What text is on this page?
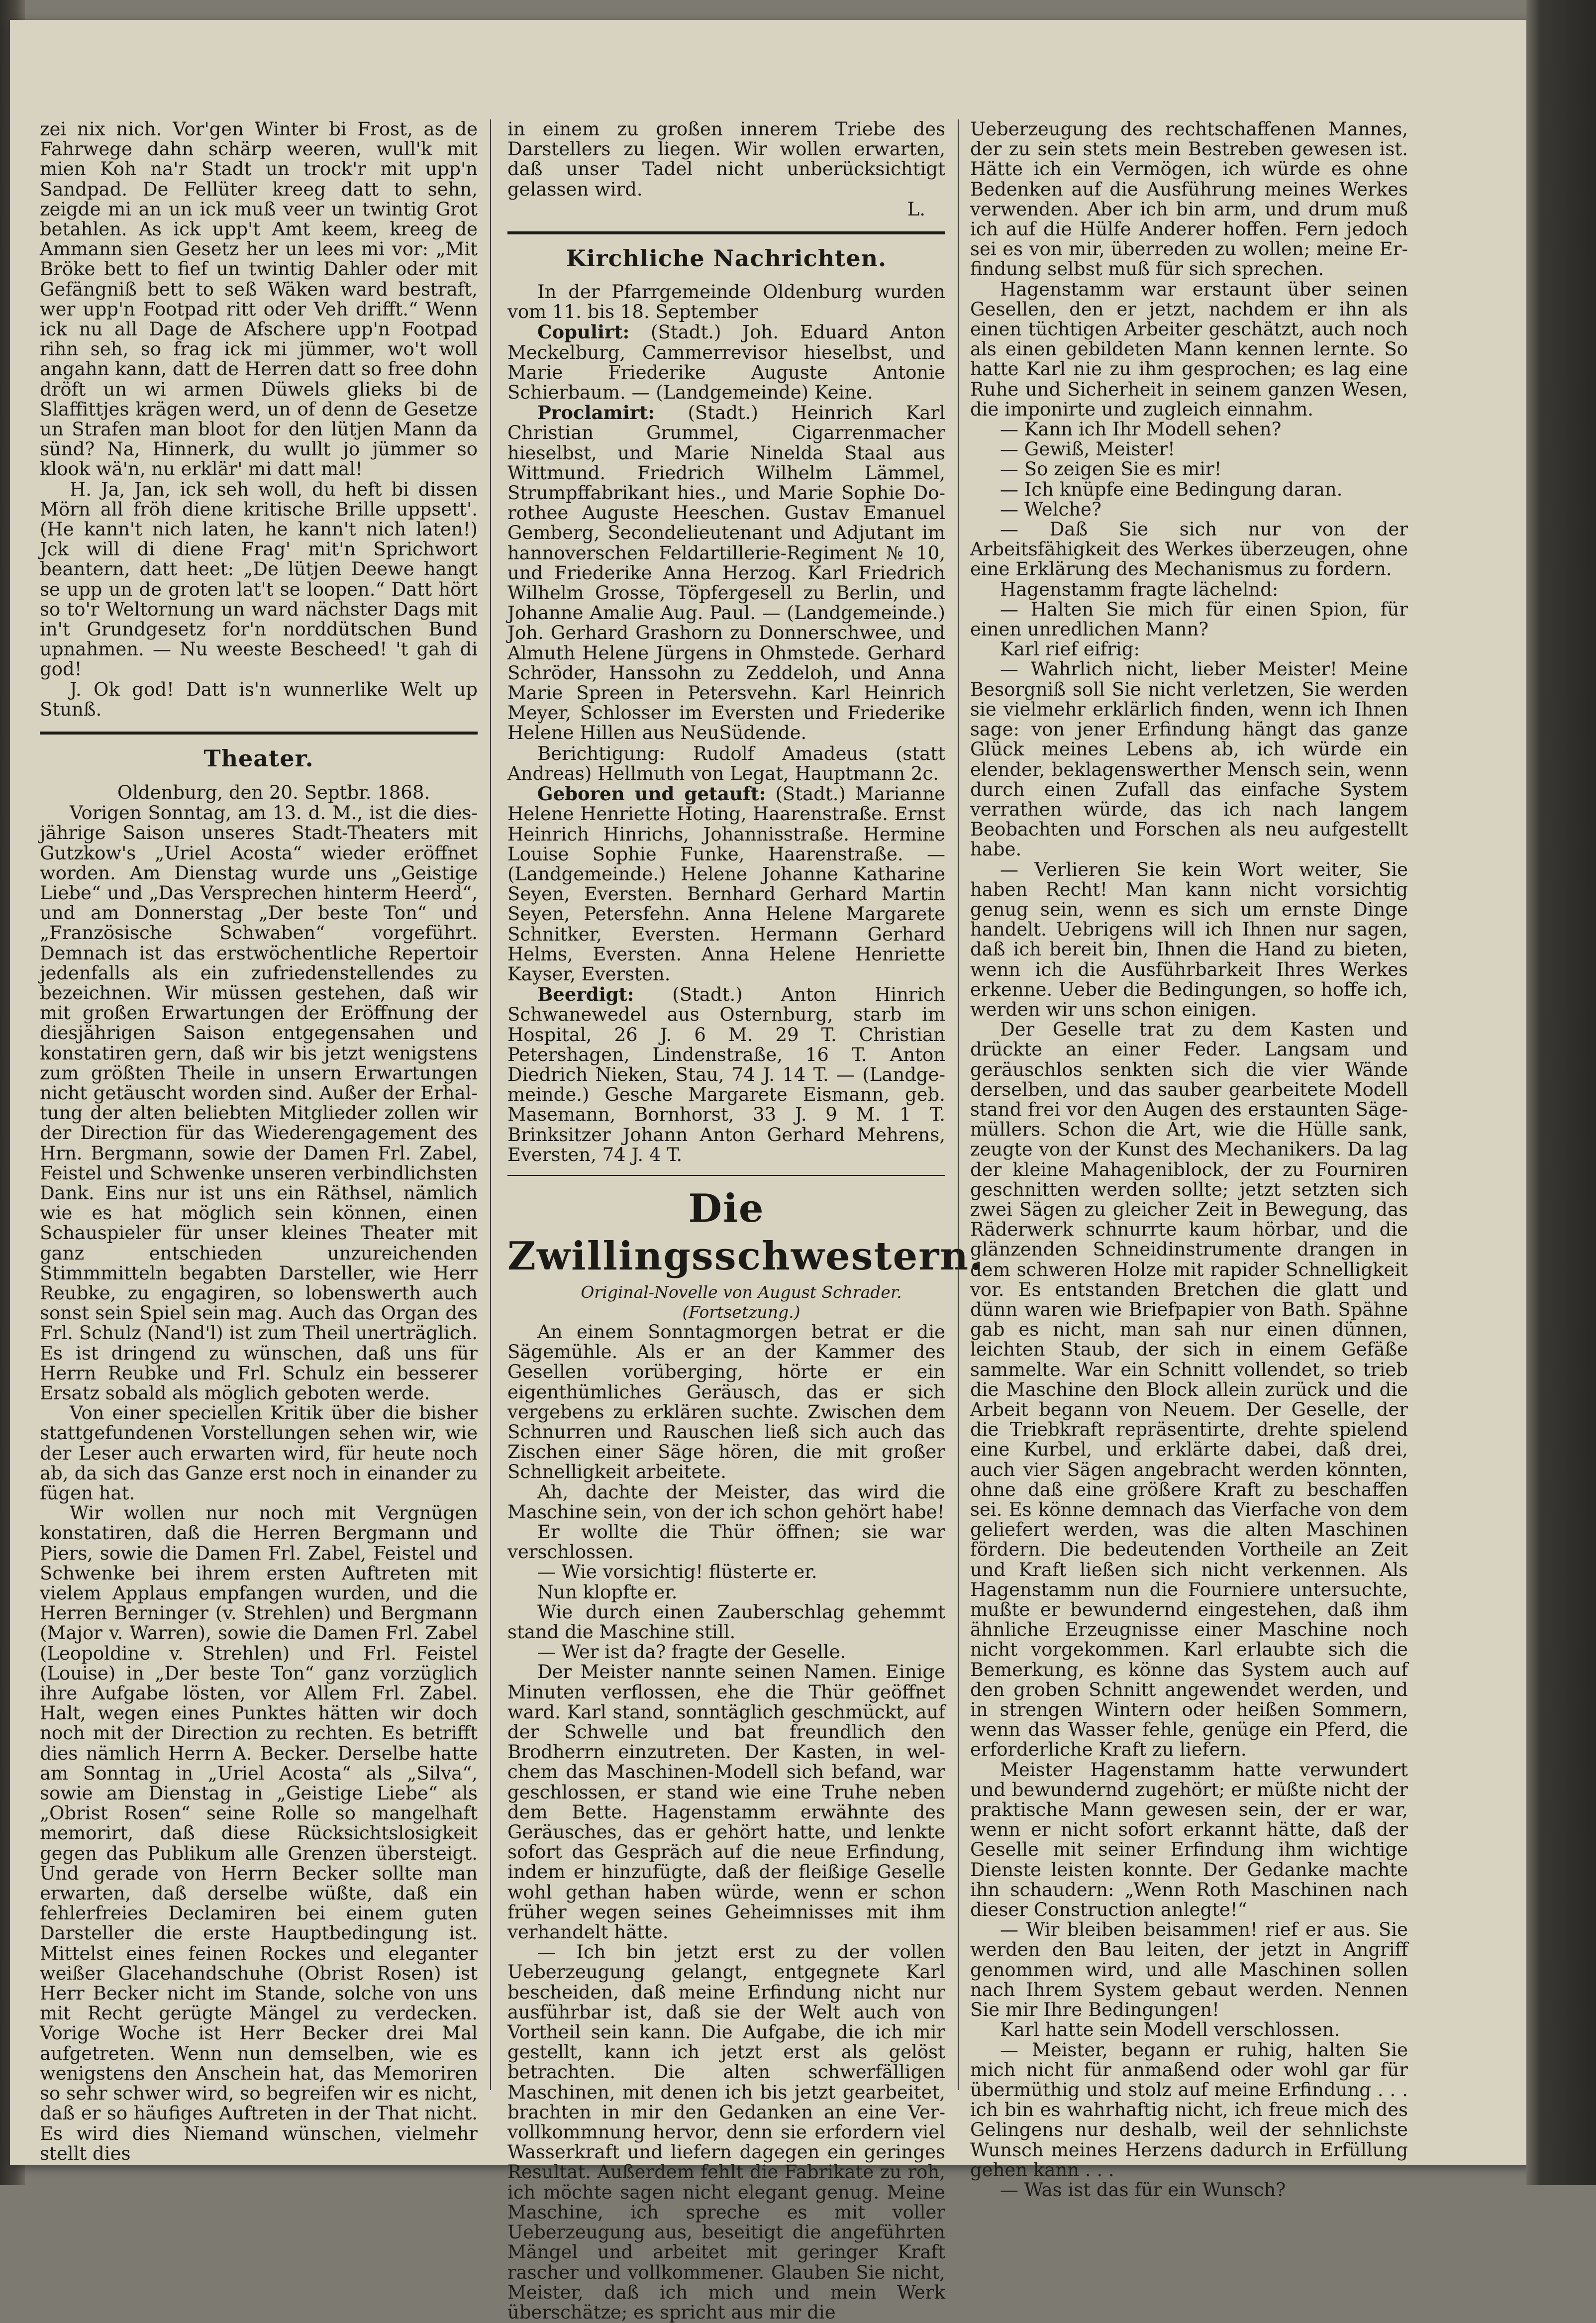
zei nix nich. Vor'gen Winter bi Frost, as de Fahrwege dahn schärp weeren, wull'k mit mien Koh na'r Stadt un trock'r mit upp'n Sandpad. De Fellüter kreeg datt to sehn, zeigde mi an un ick muß veer un twintig Grot betahlen. As ick upp't Amt keem, kreeg de Ammann sien Gesetz her un lees mi vor: „Mit Bröke bett to fief un twintig Dahler oder mit Gefängniß bett to seß Wäken ward bestraft, wer upp'n Footpad ritt oder Veh drifft.“ Wenn ick nu all Dage de Afschere upp'n Footpad rihn seh, so frag ick mi jümmer, wo't woll angahn kann, datt de Herren datt so free dohn dröft un wi armen Düwels glieks bi de Slaffittjes krägen werd, un of denn de Gesetze un Strafen man bloot for den lütjen Mann da sünd? Na, Hinnerk, du wullt jo jümmer so klook wä'n, nu erklär' mi datt mal!

H. Ja, Jan, ick seh woll, du heft bi dissen Mörn all fröh diene kritische Brille uppsett'. (He kann't nich laten, he kann't nich laten!) Jck will di diene Frag' mit'n Sprichwort beantern, datt heet: „De lütjen Deewe hangt se upp un de groten lat't se loopen.“ Datt hört so to'r Weltornung un ward nächster Dags mit in't Grundgesetz for'n norddütschen Bund upnahmen. — Nu weeste Bescheed! 't gah di god!

J. Ok god! Datt is'n wunnerlike Welt up Stunß.

Theater.

Oldenburg, den 20. Septbr. 1868.

Vorigen Sonntag, am 13. d. M., ist die diesjährige Saison unseres Stadt-Theaters mit Gutzkow's „Uriel Acosta“ wieder eröffnet worden. Am Dienstag wurde uns „Geistige Liebe“ und „Das Versprechen hinterm Heerd“, und am Donnerstag „Der beste Ton“ und „Französische Schwaben“ vorgeführt. Demnach ist das erstwöchentliche Repertoir jedenfalls als ein zufriedenstellendes zu bezeichnen. Wir müssen gestehen, daß wir mit großen Erwartungen der Eröffnung der diesjährigen Saison entgegensahen und konstatiren gern, daß wir bis jetzt wenigstens zum größten Theile in unsern Erwartungen nicht getäuscht worden sind. Außer der Erhaltung der alten beliebten Mitglieder zollen wir der Direction für das Wiederengagement des Hrn. Bergmann, sowie der Damen Frl. Zabel, Feistel und Schwenke unseren verbindlichsten Dank. Eins nur ist uns ein Räthsel, nämlich wie es hat möglich sein können, einen Schauspieler für unser kleines Theater mit ganz entschieden unzureichenden Stimmmitteln begabten Darsteller, wie Herr Reubke, zu engagiren, so lobenswerth auch sonst sein Spiel sein mag. Auch das Organ des Frl. Schulz (Nand'l) ist zum Theil unerträglich. Es ist dringend zu wünschen, daß uns für Herrn Reubke und Frl. Schulz ein besserer Ersatz sobald als möglich geboten werde.

Von einer speciellen Kritik über die bisher stattgefundenen Vorstellungen sehen wir, wie der Leser auch erwarten wird, für heute noch ab, da sich das Ganze erst noch in einander zu fügen hat.

Wir wollen nur noch mit Vergnügen konstatiren, daß die Herren Bergmann und Piers, sowie die Damen Frl. Zabel, Feistel und Schwenke bei ihrem ersten Auftreten mit vielem Applaus empfangen wurden, und die Herren Berninger (v. Strehlen) und Bergmann (Major v. Warren), sowie die Damen Frl. Zabel (Leopoldine v. Strehlen) und Frl. Feistel (Louise) in „Der beste Ton“ ganz vorzüglich ihre Aufgabe lösten, vor Allem Frl. Zabel. Halt, wegen eines Punktes hätten wir doch noch mit der Direction zu rechten. Es betrifft dies nämlich Herrn A. Becker. Derselbe hatte am Sonntag in „Uriel Acosta“ als „Silva“, sowie am Dienstag in „Geistige Liebe“ als „Obrist Rosen“ seine Rolle so mangelhaft memorirt, daß diese Rücksichtslosigkeit gegen das Publikum alle Grenzen übersteigt. Und gerade von Herrn Becker sollte man erwarten, daß derselbe wüßte, daß ein fehlerfreies Declamiren bei einem guten Darsteller die erste Hauptbedingung ist. Mittelst eines feinen Rockes und eleganter weißer Glacehandschuhe (Obrist Rosen) ist Herr Becker nicht im Stande, solche von uns mit Recht gerügte Mängel zu verdecken. Vorige Woche ist Herr Becker drei Mal aufgetreten. Wenn nun demselben, wie es wenigstens den Anschein hat, das Memoriren so sehr schwer wird, so begreifen wir es nicht, daß er so häufiges Auftreten in der That nicht. Es wird dies Niemand wünschen, vielmehr stellt dies

in einem zu großen innerem Triebe des Darstellers zu liegen. Wir wollen erwarten, daß unser Tadel nicht unberücksichtigt gelassen wird.

L.
Kirchliche Nachrichten.

In der Pfarrgemeinde Oldenburg wurden vom 11. bis 18. September

Copulirt: (Stadt.) Joh. Eduard Anton Meckelburg, Cammerrevisor hieselbst, und Marie Friederike Auguste Antonie Schierbaum. — (Landgemeinde) Keine.

Proclamirt: (Stadt.) Heinrich Karl Christian Grummel, Cigarrenmacher hieselbst, und Marie Ninelda Staal aus Wittmund. Friedrich Wilhelm Lämmel, Strumpffabrikant hies., und Marie Sophie Dorothee Auguste Heeschen. Gustav Emanuel Gemberg, Secondelieutenant und Adjutant im hannoverschen Feldartillerie-Regiment № 10, und Friederike Anna Herzog. Karl Friedrich Wilhelm Grosse, Töpfergesell zu Berlin, und Johanne Amalie Aug. Paul. — (Landgemeinde.) Joh. Gerhard Grashorn zu Donnerschwee, und Almuth Helene Jürgens in Ohmstede. Gerhard Schröder, Hanssohn zu Zeddeloh, und Anna Marie Spreen in Petersvehn. Karl Heinrich Meyer, Schlosser im Eversten und Friederike Helene Hillen aus NeuSüdende.

Berichtigung: Rudolf Amadeus (statt Andreas) Hellmuth von Legat, Hauptmann 2c.

Geboren und getauft: (Stadt.) Marianne Helene Henriette Hoting, Haarenstraße. Ernst Heinrich Hinrichs, Johannisstraße. Hermine Louise Sophie Funke, Haarenstraße. — (Landgemeinde.) Helene Johanne Katharine Seyen, Eversten. Bernhard Gerhard Martin Seyen, Petersfehn. Anna Helene Margarete Schnitker, Eversten. Hermann Gerhard Helms, Eversten. Anna Helene Henriette Kayser, Eversten.

Beerdigt: (Stadt.) Anton Hinrich Schwanewedel aus Osternburg, starb im Hospital, 26 J. 6 M. 29 T. Christian Petershagen, Lindenstraße, 16 T. Anton Diedrich Nieken, Stau, 74 J. 14 T. — (Landgemeinde.) Gesche Margarete Eismann, geb. Masemann, Bornhorst, 33 J. 9 M. 1 T. Brinksitzer Johann Anton Gerhard Mehrens, Eversten, 74 J. 4 T.

Die Zwillingsschwestern.

Original-Novelle von August Schrader.

(Fortsetzung.)

An einem Sonntagmorgen betrat er die Sägemühle. Als er an der Kammer des Gesellen vorüberging, hörte er ein eigenthümliches Geräusch, das er sich vergebens zu erklären suchte. Zwischen dem Schnurren und Rauschen ließ sich auch das Zischen einer Säge hören, die mit großer Schnelligkeit arbeitete.

Ah, dachte der Meister, das wird die Maschine sein, von der ich schon gehört habe!

Er wollte die Thür öffnen; sie war verschlossen.

— Wie vorsichtig! flüsterte er.

Nun klopfte er.

Wie durch einen Zauberschlag gehemmt stand die Maschine still.

— Wer ist da? fragte der Geselle.

Der Meister nannte seinen Namen. Einige Minuten verflossen, ehe die Thür geöffnet ward. Karl stand, sonntäglich geschmückt, auf der Schwelle und bat freundlich den Brodherrn einzutreten. Der Kasten, in welchem das Maschinen-Modell sich befand, war geschlossen, er stand wie eine Truhe neben dem Bette. Hagenstamm erwähnte des Geräusches, das er gehört hatte, und lenkte sofort das Gespräch auf die neue Erfindung, indem er hinzufügte, daß der fleißige Geselle wohl gethan haben würde, wenn er schon früher wegen seines Geheimnisses mit ihm verhandelt hätte.

— Ich bin jetzt erst zu der vollen Ueberzeugung gelangt, entgegnete Karl bescheiden, daß meine Erfindung nicht nur ausführbar ist, daß sie der Welt auch von Vortheil sein kann. Die Aufgabe, die ich mir gestellt, kann ich jetzt erst als gelöst betrachten. Die alten schwerfälligen Maschinen, mit denen ich bis jetzt gearbeitet, brachten in mir den Gedanken an eine Vervollkommnung hervor, denn sie erfordern viel Wasserkraft und liefern dagegen ein geringes Resultat. Außerdem fehlt die Fabrikate zu roh, ich möchte sagen nicht elegant genug. Meine Maschine, ich spreche es mit voller Ueberzeugung aus, beseitigt die angeführten Mängel und arbeitet mit geringer Kraft rascher und vollkommener. Glauben Sie nicht, Meister, daß ich mich und mein Werk überschätze; es spricht aus mir die

Ueberzeugung des rechtschaffenen Mannes, der zu sein stets mein Bestreben gewesen ist. Hätte ich ein Vermögen, ich würde es ohne Bedenken auf die Ausführung meines Werkes verwenden. Aber ich bin arm, und drum muß ich auf die Hülfe Anderer hoffen. Fern jedoch sei es von mir, überreden zu wollen; meine Erfindung selbst muß für sich sprechen.

Hagenstamm war erstaunt über seinen Gesellen, den er jetzt, nachdem er ihn als einen tüchtigen Arbeiter geschätzt, auch noch als einen gebildeten Mann kennen lernte. So hatte Karl nie zu ihm gesprochen; es lag eine Ruhe und Sicherheit in seinem ganzen Wesen, die imponirte und zugleich einnahm.

— Kann ich Ihr Modell sehen?

— Gewiß, Meister!

— So zeigen Sie es mir!

— Ich knüpfe eine Bedingung daran.

— Welche?

— Daß Sie sich nur von der Arbeitsfähigkeit des Werkes überzeugen, ohne eine Erklärung des Mechanismus zu fordern.

Hagenstamm fragte lächelnd:

— Halten Sie mich für einen Spion, für einen unredlichen Mann?

Karl rief eifrig:

— Wahrlich nicht, lieber Meister! Meine Besorgniß soll Sie nicht verletzen, Sie werden sie vielmehr erklärlich finden, wenn ich Ihnen sage: von jener Erfindung hängt das ganze Glück meines Lebens ab, ich würde ein elender, beklagenswerther Mensch sein, wenn durch einen Zufall das einfache System verrathen würde, das ich nach langem Beobachten und Forschen als neu aufgestellt habe.

— Verlieren Sie kein Wort weiter, Sie haben Recht! Man kann nicht vorsichtig genug sein, wenn es sich um ernste Dinge handelt. Uebrigens will ich Ihnen nur sagen, daß ich bereit bin, Ihnen die Hand zu bieten, wenn ich die Ausführbarkeit Ihres Werkes erkenne. Ueber die Bedingungen, so hoffe ich, werden wir uns schon einigen.

Der Geselle trat zu dem Kasten und drückte an einer Feder. Langsam und geräuschlos senkten sich die vier Wände derselben, und das sauber gearbeitete Modell stand frei vor den Augen des erstaunten Sägemüllers. Schon die Art, wie die Hülle sank, zeugte von der Kunst des Mechanikers. Da lag der kleine Mahageniblock, der zu Fourniren geschnitten werden sollte; jetzt setzten sich zwei Sägen zu gleicher Zeit in Bewegung, das Räderwerk schnurrte kaum hörbar, und die glänzenden Schneidinstrumente drangen in dem schweren Holze mit rapider Schnelligkeit vor. Es entstanden Bretchen die glatt und dünn waren wie Briefpapier von Bath. Spähne gab es nicht, man sah nur einen dünnen, leichten Staub, der sich in einem Gefäße sammelte. War ein Schnitt vollendet, so trieb die Maschine den Block allein zurück und die Arbeit begann von Neuem. Der Geselle, der die Triebkraft repräsentirte, drehte spielend eine Kurbel, und erklärte dabei, daß drei, auch vier Sägen angebracht werden könnten, ohne daß eine größere Kraft zu beschaffen sei. Es könne demnach das Vierfache von dem geliefert werden, was die alten Maschinen fördern. Die bedeutenden Vortheile an Zeit und Kraft ließen sich nicht verkennen. Als Hagenstamm nun die Fourniere untersuchte, mußte er bewundernd eingestehen, daß ihm ähnliche Erzeugnisse einer Maschine noch nicht vorgekommen. Karl erlaubte sich die Bemerkung, es könne das System auch auf den groben Schnitt angewendet werden, und in strengen Wintern oder heißen Sommern, wenn das Wasser fehle, genüge ein Pferd, die erforderliche Kraft zu liefern.

Meister Hagenstamm hatte verwundert und bewundernd zugehört; er müßte nicht der praktische Mann gewesen sein, der er war, wenn er nicht sofort erkannt hätte, daß der Geselle mit seiner Erfindung ihm wichtige Dienste leisten konnte. Der Gedanke machte ihn schaudern: „Wenn Roth Maschinen nach dieser Construction anlegte!“

— Wir bleiben beisammen! rief er aus. Sie werden den Bau leiten, der jetzt in Angriff genommen wird, und alle Maschinen sollen nach Ihrem System gebaut werden. Nennen Sie mir Ihre Bedingungen!

Karl hatte sein Modell verschlossen.

— Meister, begann er ruhig, halten Sie mich nicht für anmaßend oder wohl gar für übermüthig und stolz auf meine Erfindung . . . ich bin es wahrhaftig nicht, ich freue mich des Gelingens nur deshalb, weil der sehnlichste Wunsch meines Herzens dadurch in Erfüllung gehen kann . . .

— Was ist das für ein Wunsch?
